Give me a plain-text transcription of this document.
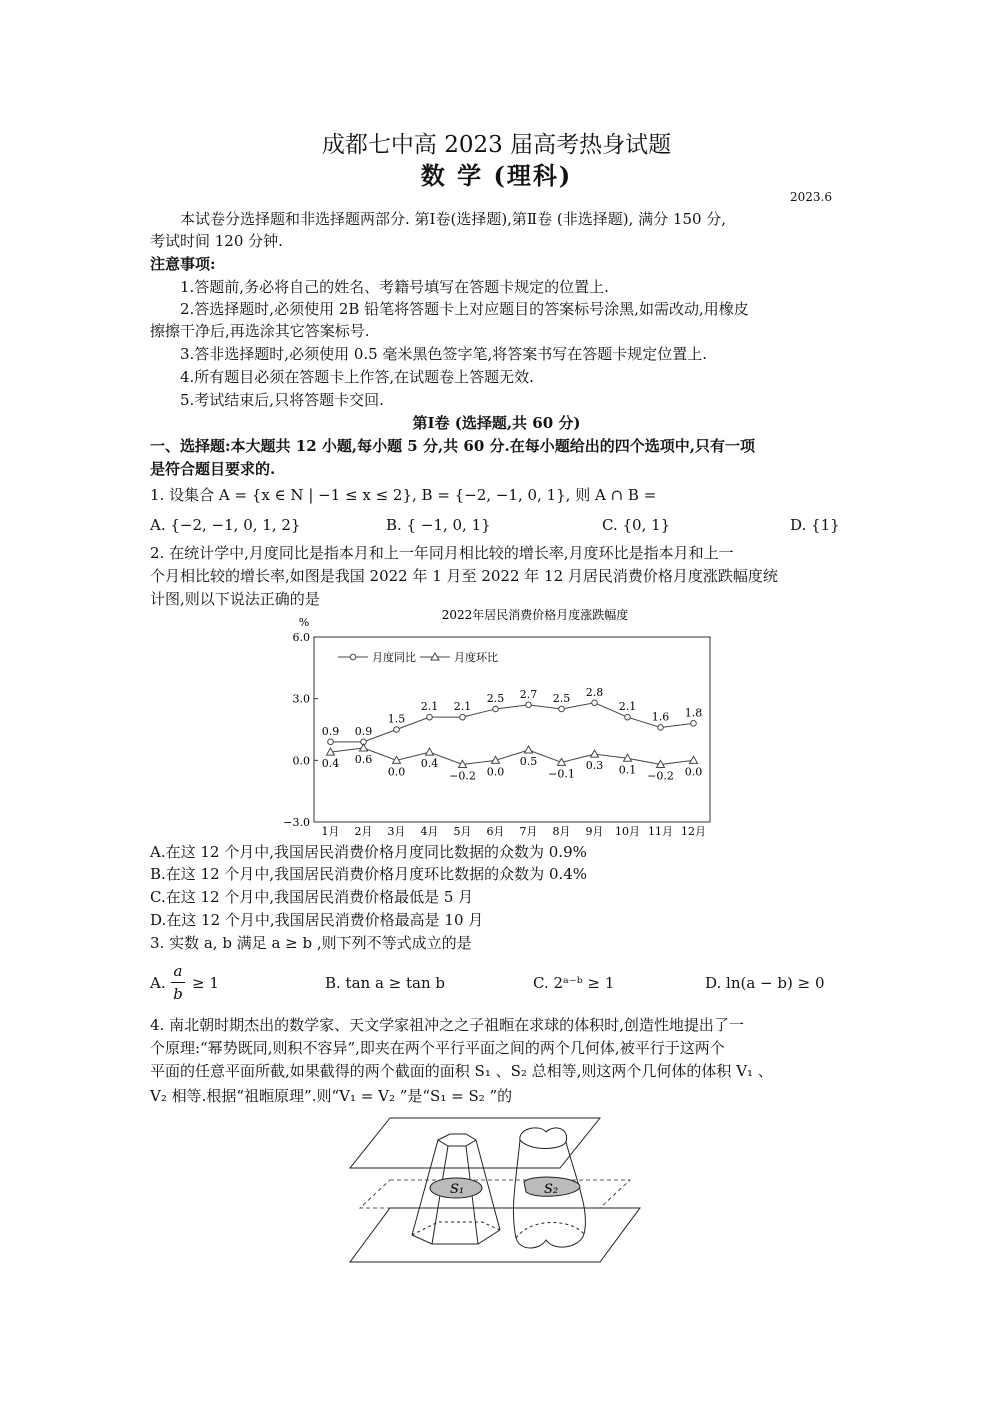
成都七中高 2023 届高考热身试题
数 学 (理科)
2023.6
本试卷分选择题和非选择题两部分. 第Ⅰ卷(选择题),第Ⅱ卷 (非选择题), 满分 150 分,
考试时间 120 分钟.
注意事项:
1.答题前,务必将自己的姓名、考籍号填写在答题卡规定的位置上.
2.答选择题时,必须使用 2B 铅笔将答题卡上对应题目的答案标号涂黑,如需改动,用橡皮
擦擦干净后,再选涂其它答案标号.
3.答非选择题时,必须使用 0.5 毫米黑色签字笔,将答案书写在答题卡规定位置上.
4.所有题目必须在答题卡上作答,在试题卷上答题无效.
5.考试结束后,只将答题卡交回.
第Ⅰ卷 (选择题,共 60 分)
一、选择题:本大题共 12 小题,每小题 5 分,共 60 分.在每小题给出的四个选项中,只有一项
是符合题目要求的.
1. 设集合 A = {x ∈ N | −1 ≤ x ≤ 2}, B = {−2, −1, 0, 1}, 则 A ∩ B =
A. {−2, −1, 0, 1, 2}	B. { −1, 0, 1}	C. {0, 1}	D. {1}
2. 在统计学中,月度同比是指本月和上一年同月相比较的增长率,月度环比是指本月和上一
个月相比较的增长率,如图是我国 2022 年 1 月至 2022 年 12 月居民消费价格月度涨跌幅度统
计图,则以下说法正确的是
2022年居民消费价格月度涨跌幅度
%
6.0
3.0
0.0
−3.0
1月 2月 3月 4月 5月 6月 7月 8月 9月 10月 11月 12月
0.9 0.9
1.5
2.1 2.1
2.5 2.7 2.5 2.8
2.1
1.6 1.8
0.4 0.6
0.0
0.4
−0.2 0.0
0.5
−0.1
0.3 0.1 −0.2 0.0
月度同比	月度环比
A.在这 12 个月中,我国居民消费价格月度同比数据的众数为 0.9%
B.在这 12 个月中,我国居民消费价格月度环比数据的众数为 0.4%
C.在这 12 个月中,我国居民消费价格最低是 5 月
D.在这 12 个月中,我国居民消费价格最高是 10 月
3. 实数 a, b 满足 a ≥ b ,则下列不等式成立的是
A.
a
b
≥ 1	B. tan a ≥ tan b	C. 2ᵃ⁻ᵇ ≥ 1	D. ln(a − b) ≥ 0
4. 南北朝时期杰出的数学家、天文学家祖冲之之子祖暅在求球的体积时,创造性地提出了一
个原理:“幂势既同,则积不容异”,即夹在两个平行平面之间的两个几何体,被平行于这两个
平面的任意平面所截,如果截得的两个截面的面积 S₁ 、S₂ 总相等,则这两个几何体的体积 V₁ 、
V₂ 相等.根据“祖暅原理”.则“V₁ = V₂ ”是“S₁ = S₂ ”的
S₁	S₂
